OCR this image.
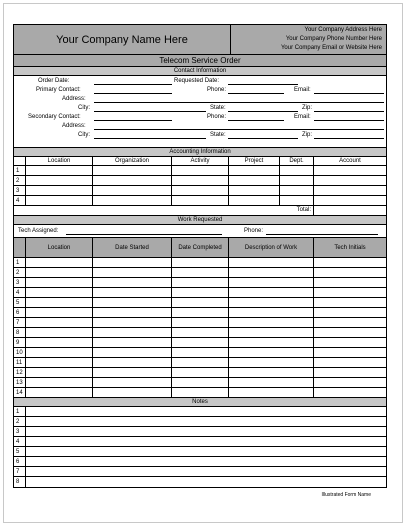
Your Company Name Here
Your Company Address Here
Your Company Phone Number Here
Your Company Email or Website Here
Telecom Service Order
Contact Information
Order Date:	Requested Date:
Primary Contact:	Phone:	Email:
Address:
City:	State:	Zip:
Secondary Contact:	Phone:	Email:
Address:
City:	State:	Zip:
Accounting Information
Location	Organization	Activity	Project	Dept.	Account
1
2
3
4
Total:
Work Requested
Tech Assigned:	Phone:
Location	Date Started	Date Completed	Description of Work	Tech Initials
1
2
3
4
5
6
7
8
9
10
11
12
13
14
Notes
1
2
3
4
5
6
7
8
Illustrated Form Name
